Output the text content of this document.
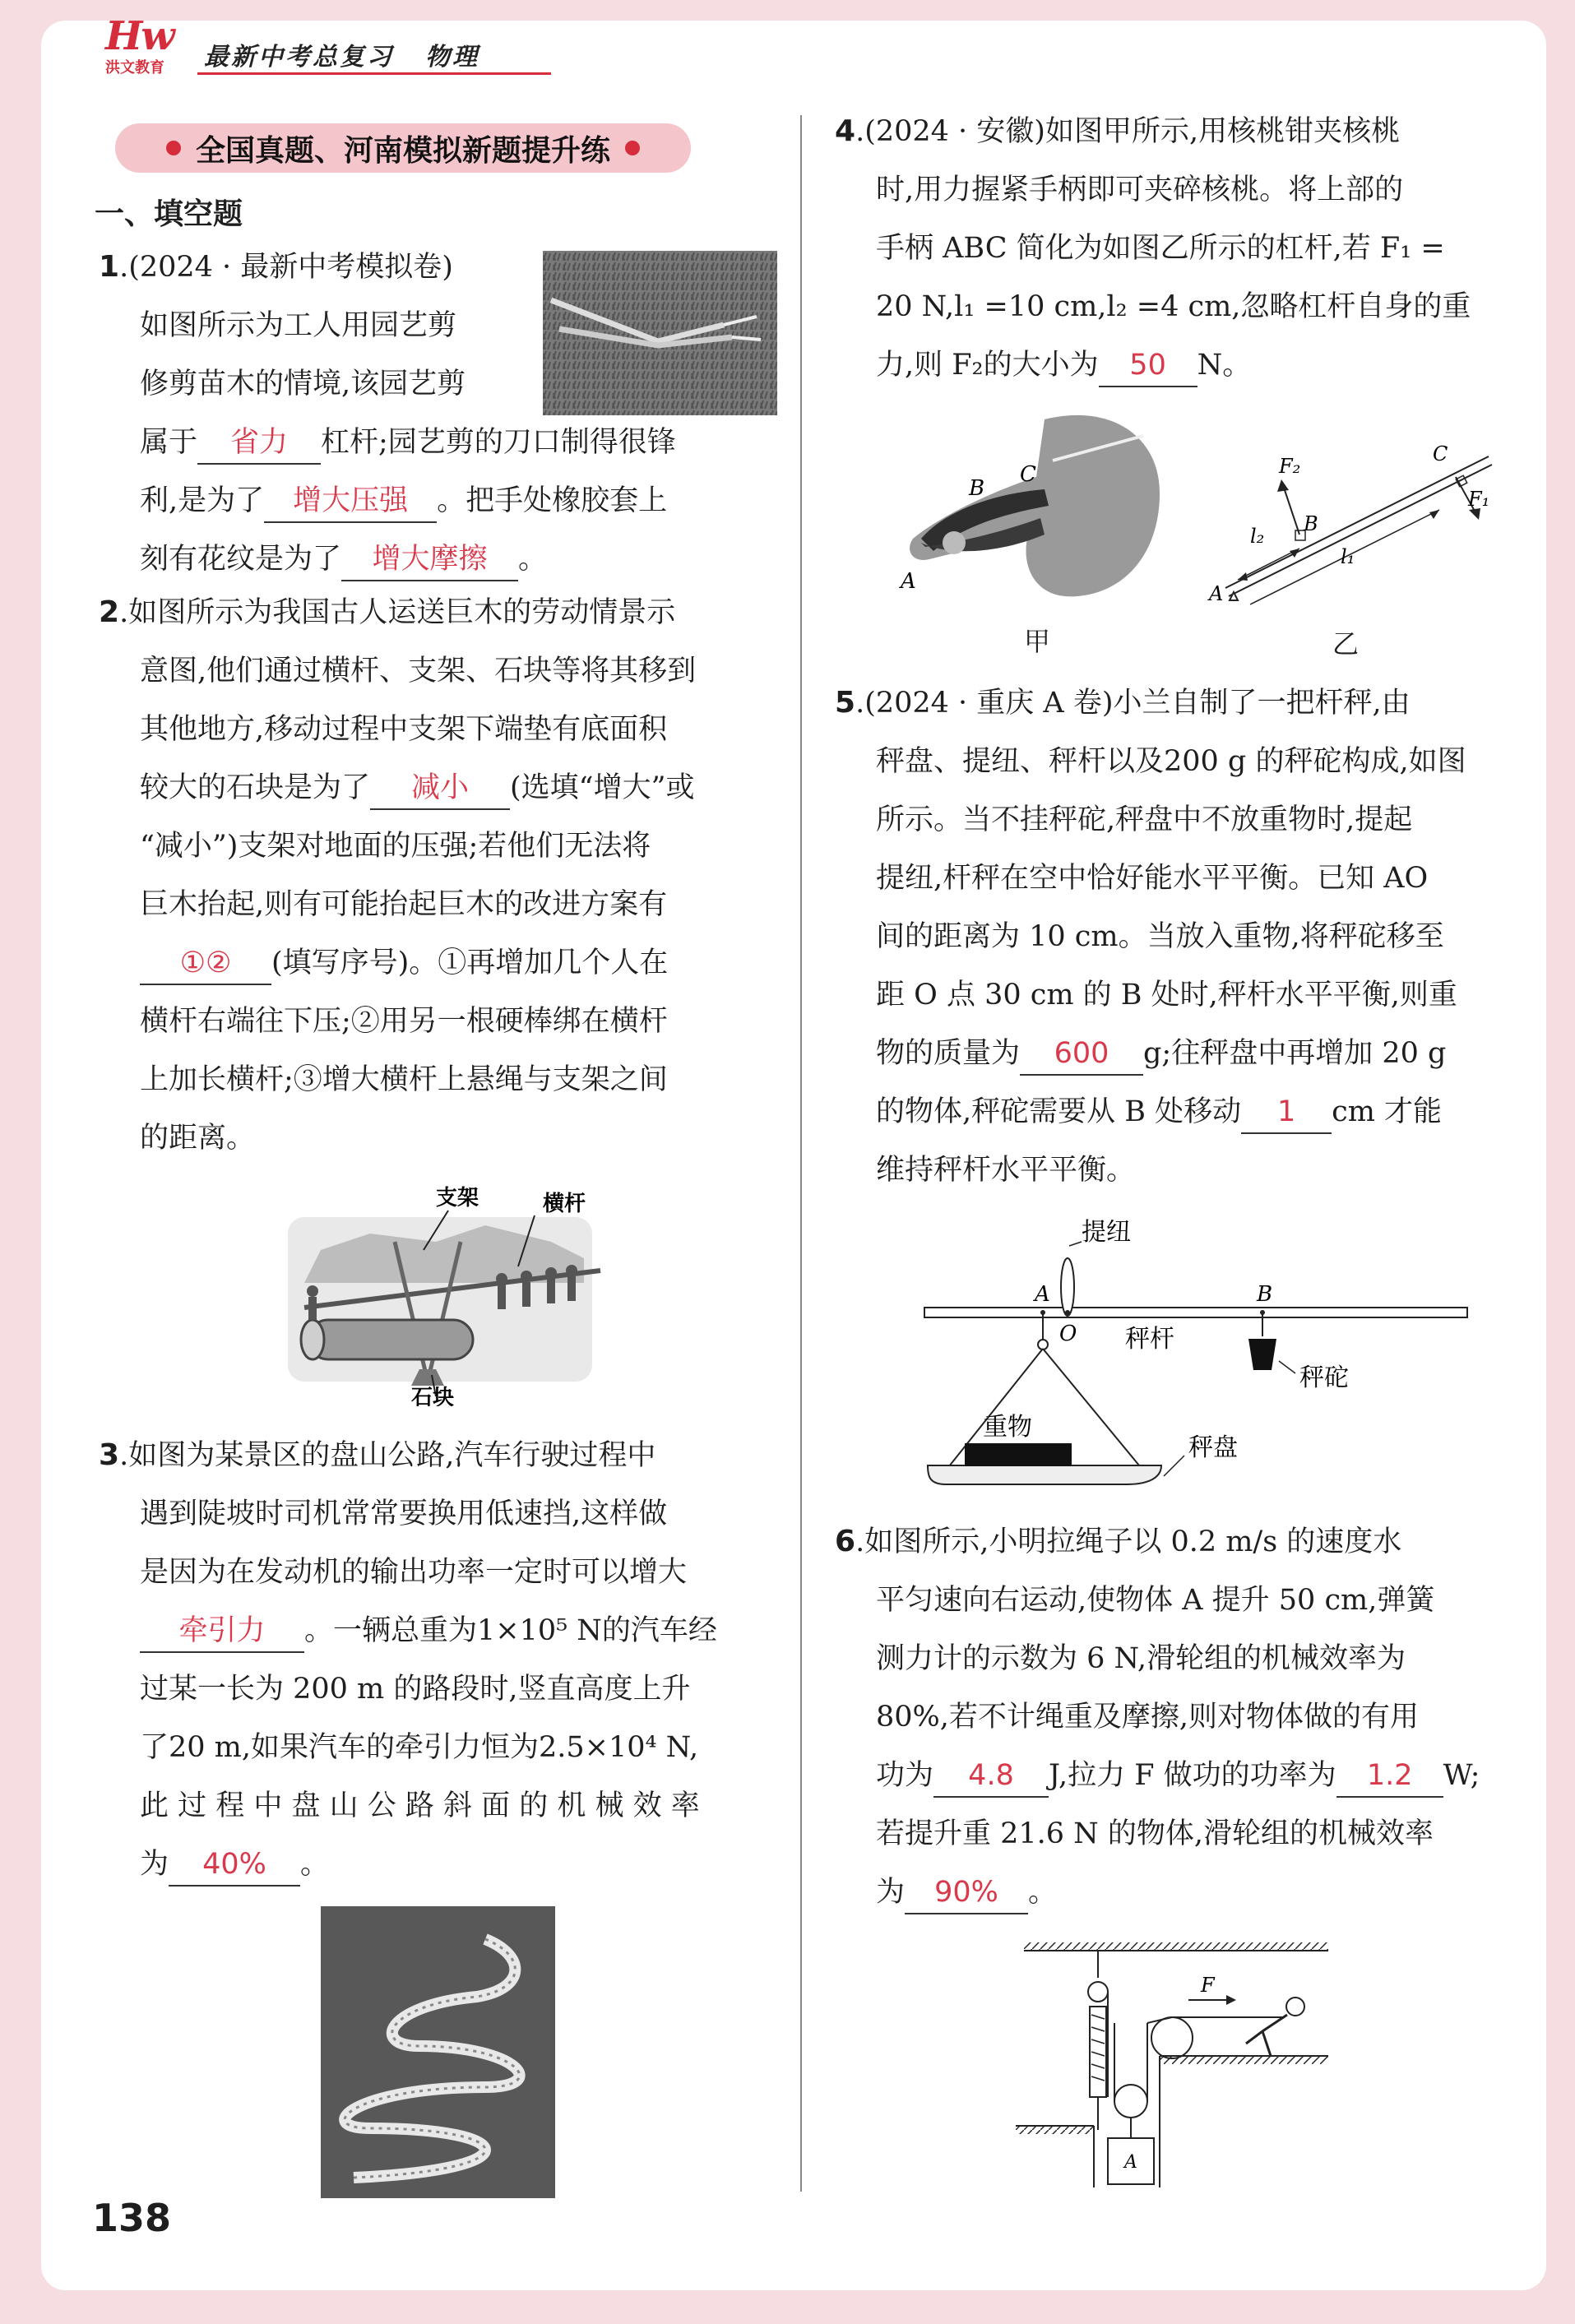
Hw
洪文教育 最新中考总复习 物理
全国真题、河南模拟新题提升练
一、填空题
1.(2024 · 最新中考模拟卷)
如图所示为工人用园艺剪
修剪苗木的情境,该园艺剪
属于 省力 杠杆;园艺剪的刀口制得很锋
利,是为了 增大压强 。把手处橡胶套上
刻有花纹是为了 增大摩擦 。
2.如图所示为我国古人运送巨木的劳动情景示
意图,他们通过横杆、支架、石块等将其移到
其他地方,移动过程中支架下端垫有底面积
较大的石块是为了 减小 (选填“增大”或
“减小”)支架对地面的压强;若他们无法将
巨木抬起,则有可能抬起巨木的改进方案有
①② (填写序号)。①再增加几个人在
横杆右端往下压;②用另一根硬棒绑在横杆
上加长横杆;③增大横杆上悬绳与支架之间
的距离。
支架	横杆
石块
3.如图为某景区的盘山公路,汽车行驶过程中
遇到陡坡时司机常常要换用低速挡,这样做
是因为在发动机的输出功率一定时可以增大
牵引力 。一辆总重为1×10⁵ N的汽车经
过某一长为 200 m 的路段时,竖直高度上升
了20 m,如果汽车的牵引力恒为2.5×10⁴ N,
此 过 程 中 盘 山 公 路 斜 面 的 机 械 效 率
为 40% 。
4.(2024 · 安徽)如图甲所示,用核桃钳夹核桃
时,用力握紧手柄即可夹碎核桃。将上部的
手柄 ABC 简化为如图乙所示的杠杆,若 F₁ =
20 N,l₁ =10 cm,l₂ =4 cm,忽略杠杆自身的重
力,则 F₂的大小为 50 N。
A
B
C
A
B
C
F₂
F₁
l₂
l₁
甲	乙
5.(2024 · 重庆 A 卷)小兰自制了一把杆秤,由
秤盘、提纽、秤杆以及200 g 的秤砣构成,如图
所示。当不挂秤砣,秤盘中不放重物时,提起
提纽,杆秤在空中恰好能水平平衡。已知 AO
间的距离为 10 cm。当放入重物,将秤砣移至
距 O 点 30 cm 的 B 处时,秤杆水平平衡,则重
物的质量为 600 g;往秤盘中再增加 20 g
的物体,秤砣需要从 B 处移动 1 cm 才能
维持秤杆水平平衡。
提纽
A
O
B
秤杆
秤砣
重物
秤盘
6.如图所示,小明拉绳子以 0.2 m/s 的速度水
平匀速向右运动,使物体 A 提升 50 cm,弹簧
测力计的示数为 6 N,滑轮组的机械效率为
80%,若不计绳重及摩擦,则对物体做的有用
功为 4.8 J,拉力 F 做功的功率为 1.2 W;
若提升重 21.6 N 的物体,滑轮组的机械效率
为 90% 。
F
A
138
